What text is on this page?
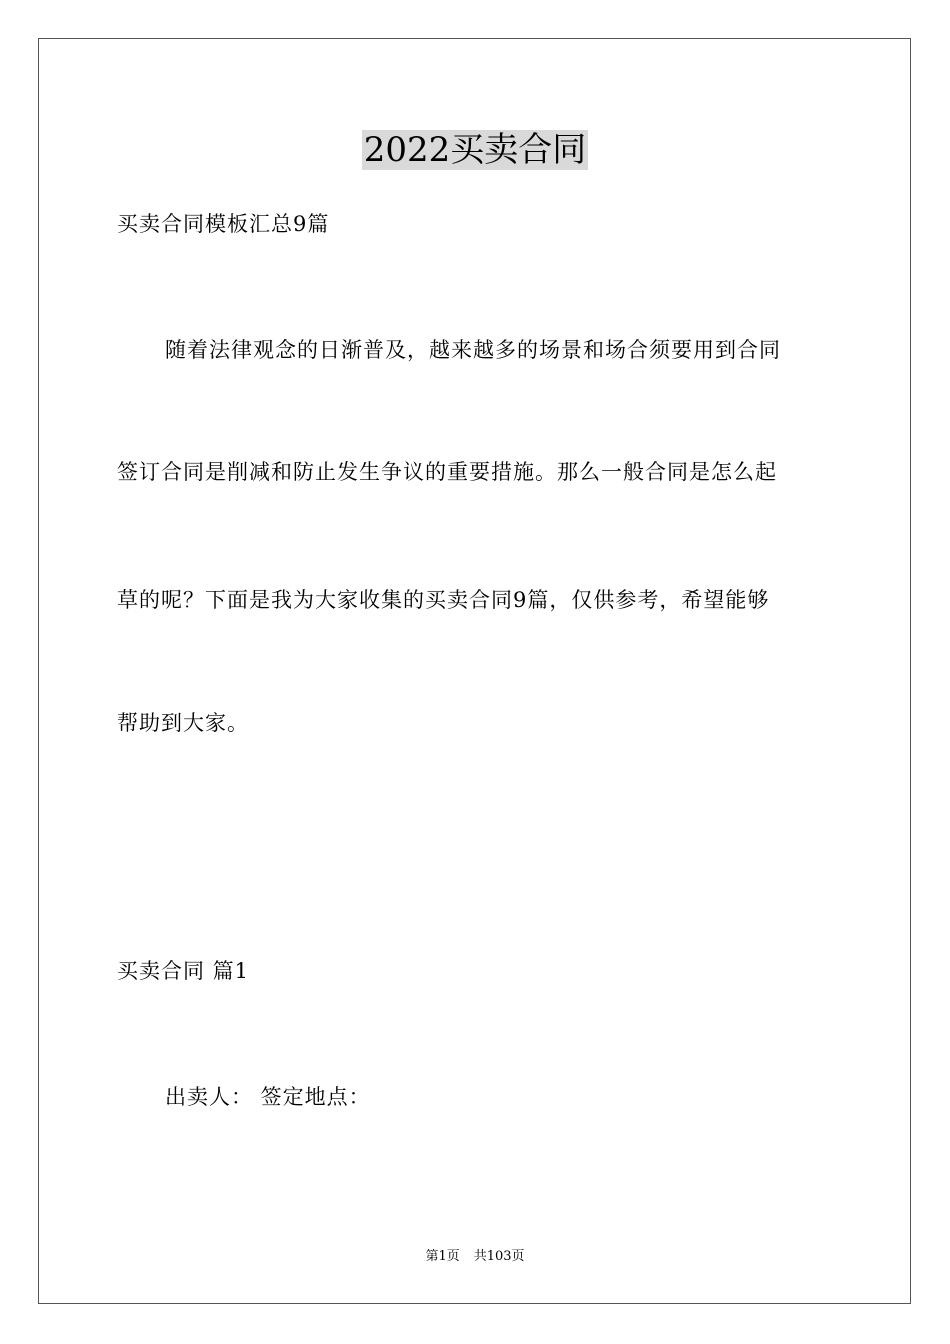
2022买卖合同
买卖合同模板汇总9篇
随着法律观念的日渐普及，越来越多的场景和场合须要用到合同
签订合同是削减和防止发生争议的重要措施。那么一般合同是怎么起
草的呢？下面是我为大家收集的买卖合同9篇，仅供参考，希望能够
帮助到大家。
买卖合同 篇1
出卖人： 签定地点：
第1页 共103页
